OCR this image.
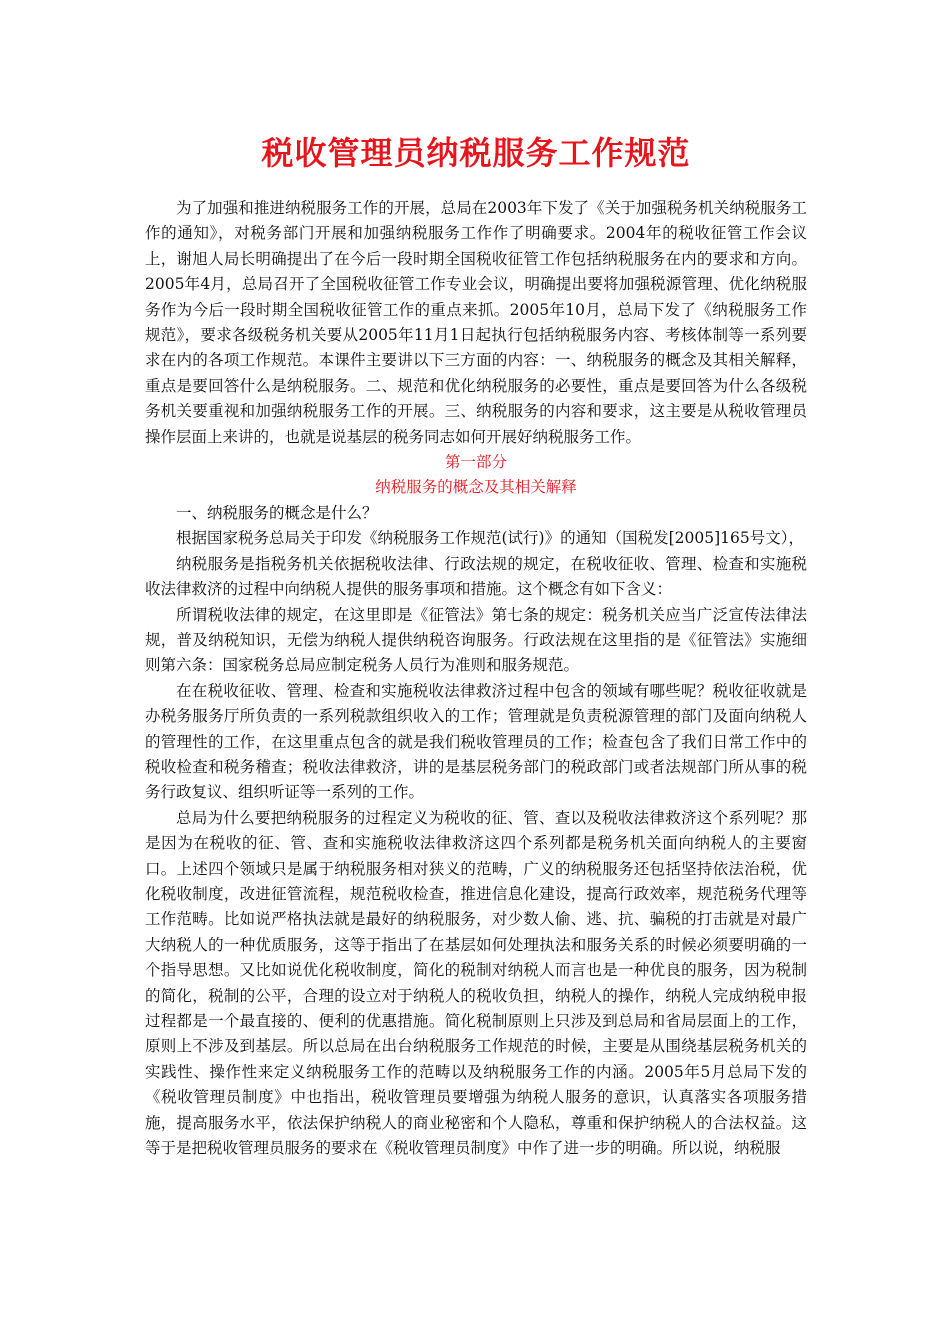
税收管理员纳税服务工作规范

为了加强和推进纳税服务工作的开展，总局在2003年下发了《关于加强税务机关纳税服务工作的通知》，对税务部门开展和加强纳税服务工作作了明确要求。2004年的税收征管工作会议上，谢旭人局长明确提出了在今后一段时期全国税收征管工作包括纳税服务在内的要求和方向。2005年4月，总局召开了全国税收征管工作专业会议，明确提出要将加强税源管理、优化纳税服务作为今后一段时期全国税收征管工作的重点来抓。2005年10月，总局下发了《纳税服务工作规范》，要求各级税务机关要从2005年11月1日起执行包括纳税服务内容、考核体制等一系列要求在内的各项工作规范。本课件主要讲以下三方面的内容：一、纳税服务的概念及其相关解释，重点是要回答什么是纳税服务。二、规范和优化纳税服务的必要性，重点是要回答为什么各级税务机关要重视和加强纳税服务工作的开展。三、纳税服务的内容和要求，这主要是从税收管理员操作层面上来讲的，也就是说基层的税务同志如何开展好纳税服务工作。

第一部分

纳税服务的概念及其相关解释

一、纳税服务的概念是什么？

根据国家税务总局关于印发《纳税服务工作规范(试行)》的通知（国税发[2005]165号文），

纳税服务是指税务机关依据税收法律、行政法规的规定，在税收征收、管理、检查和实施税收法律救济的过程中向纳税人提供的服务事项和措施。这个概念有如下含义：

所谓税收法律的规定，在这里即是《征管法》第七条的规定：税务机关应当广泛宣传法律法规，普及纳税知识，无偿为纳税人提供纳税咨询服务。行政法规在这里指的是《征管法》实施细则第六条：国家税务总局应制定税务人员行为准则和服务规范。

在在税收征收、管理、检查和实施税收法律救济过程中包含的领域有哪些呢？税收征收就是办税务服务厅所负责的一系列税款组织收入的工作；管理就是负责税源管理的部门及面向纳税人的管理性的工作，在这里重点包含的就是我们税收管理员的工作；检查包含了我们日常工作中的税收检查和税务稽查；税收法律救济，讲的是基层税务部门的税政部门或者法规部门所从事的税务行政复议、组织听证等一系列的工作。

总局为什么要把纳税服务的过程定义为税收的征、管、查以及税收法律救济这个系列呢？那是因为在税收的征、管、查和实施税收法律救济这四个系列都是税务机关面向纳税人的主要窗口。上述四个领域只是属于纳税服务相对狭义的范畴，广义的纳税服务还包括坚持依法治税，优化税收制度，改进征管流程，规范税收检查，推进信息化建设，提高行政效率，规范税务代理等工作范畴。比如说严格执法就是最好的纳税服务，对少数人偷、逃、抗、骗税的打击就是对最广大纳税人的一种优质服务，这等于指出了在基层如何处理执法和服务关系的时候必须要明确的一个指导思想。又比如说优化税收制度，简化的税制对纳税人而言也是一种优良的服务，因为税制的简化，税制的公平，合理的设立对于纳税人的税收负担，纳税人的操作，纳税人完成纳税申报过程都是一个最直接的、便利的优惠措施。简化税制原则上只涉及到总局和省局层面上的工作，原则上不涉及到基层。所以总局在出台纳税服务工作规范的时候，主要是从围绕基层税务机关的实践性、操作性来定义纳税服务工作的范畴以及纳税服务工作的内涵。2005年5月总局下发的《税收管理员制度》中也指出，税收管理员要增强为纳税人服务的意识，认真落实各项服务措施，提高服务水平，依法保护纳税人的商业秘密和个人隐私，尊重和保护纳税人的合法权益。这等于是把税收管理员服务的要求在《税收管理员制度》中作了进一步的明确。所以说，纳税服
